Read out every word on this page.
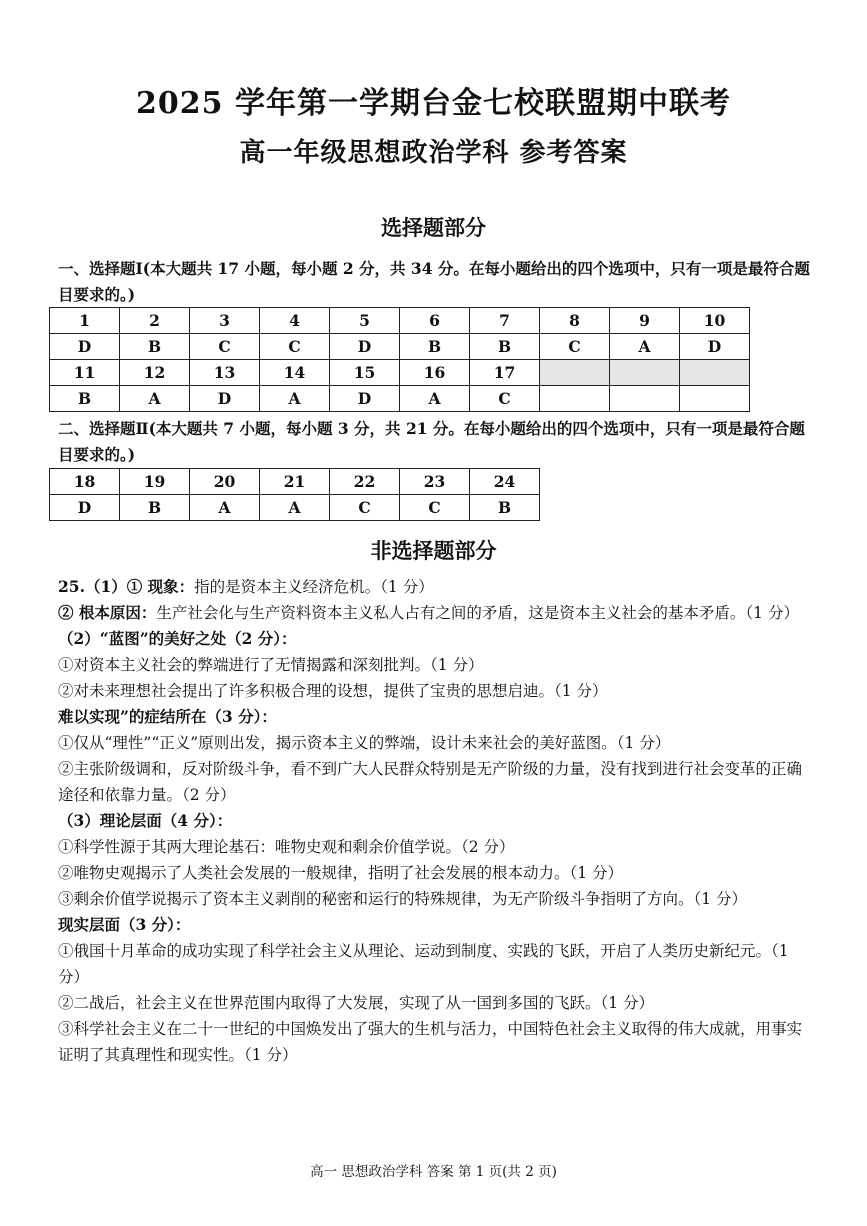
2025 学年第一学期台金七校联盟期中联考
高一年级思想政治学科 参考答案
选择题部分
一、选择题Ⅰ(本大题共 17 小题，每小题 2 分，共 34 分。在每小题给出的四个选项中，只有一项是最符合题目要求的。)
1	2	3	4	5	6	7	8	9	10
D	B	C	C	D	B	B	C	A	D
11	12	13	14	15	16	17			
B	A	D	A	D	A	C			
二、选择题Ⅱ(本大题共 7 小题，每小题 3 分，共 21 分。在每小题给出的四个选项中，只有一项是最符合题目要求的。)
18	19	20	21	22	23	24
D	B	A	A	C	C	B
非选择题部分

25.（1）① 现象：指的是资本主义经济危机。（1 分）

② 根本原因：生产社会化与生产资料资本主义私人占有之间的矛盾，这是资本主义社会的基本矛盾。（1 分）

（2）“蓝图”的美好之处（2 分）：

①对资本主义社会的弊端进行了无情揭露和深刻批判。（1 分）

②对未来理想社会提出了许多积极合理的设想，提供了宝贵的思想启迪。（1 分）

难以实现”的症结所在（3 分）：

①仅从“理性”“正义”原则出发，揭示资本主义的弊端，设计未来社会的美好蓝图。（1 分）

②主张阶级调和，反对阶级斗争，看不到广大人民群众特别是无产阶级的力量，没有找到进行社会变革的正确途径和依靠力量。（2 分）

（3）理论层面（4 分）：

①科学性源于其两大理论基石：唯物史观和剩余价值学说。（2 分）

②唯物史观揭示了人类社会发展的一般规律，指明了社会发展的根本动力。（1 分）

③剩余价值学说揭示了资本主义剥削的秘密和运行的特殊规律，为无产阶级斗争指明了方向。（1 分）

现实层面（3 分）：

①俄国十月革命的成功实现了科学社会主义从理论、运动到制度、实践的飞跃，开启了人类历史新纪元。（1 分）

②二战后，社会主义在世界范围内取得了大发展，实现了从一国到多国的飞跃。（1 分）

③科学社会主义在二十一世纪的中国焕发出了强大的生机与活力，中国特色社会主义取得的伟大成就，用事实证明了其真理性和现实性。（1 分）

高一 思想政治学科 答案 第 1 页(共 2 页)
